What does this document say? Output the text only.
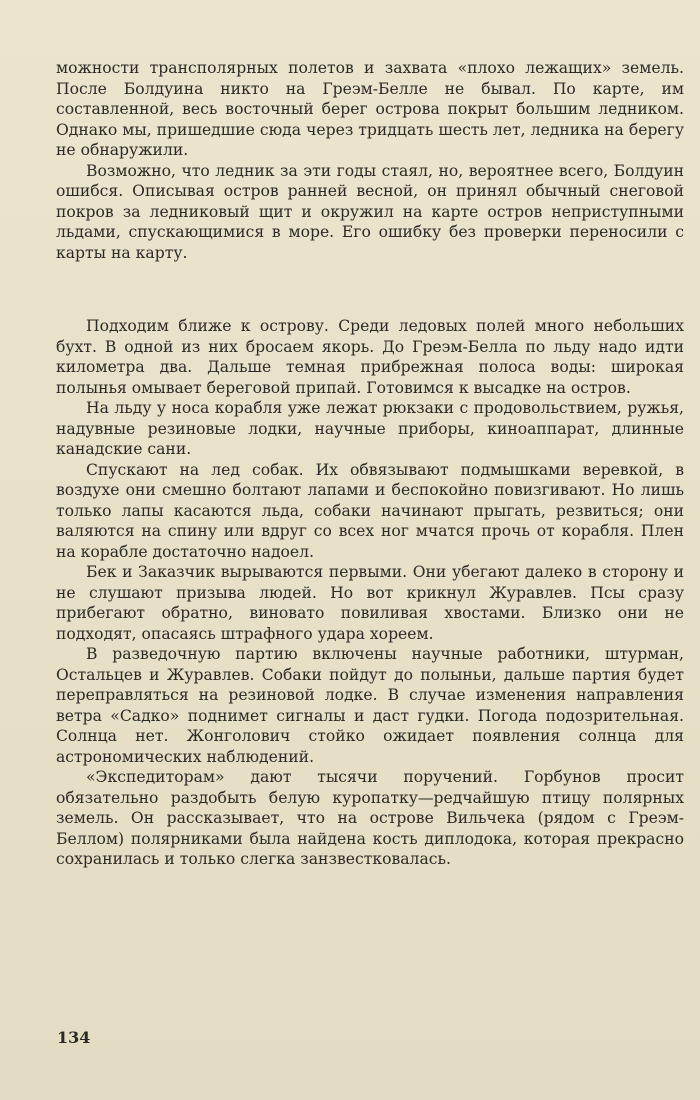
можности трансполярных полетов и захвата «плохо лежащих» земель. После Болдуина никто на Греэм-Белле не бывал. По карте, им составленной, весь восточный берег острова покрыт большим ледником. Однако мы, пришедшие сюда через тридцать шесть лет, ледника на берегу не обнаружили.

Возможно, что ледник за эти годы стаял, но, вероятнее всего, Болдуин ошибся. Описывая остров ранней весной, он принял обычный снеговой покров за ледниковый щит и окружил на карте остров неприступными льдами, спускающимися в море. Его ошибку без проверки переносили с карты на карту.

Подходим ближе к острову. Среди ледовых полей много небольших бухт. В одной из них бросаем якорь. До Греэм-Белла по льду надо идти километра два. Дальше темная прибрежная полоса воды: широкая полынья омывает береговой припай. Готовимся к высадке на остров.

На льду у носа корабля уже лежат рюкзаки с продовольствием, ружья, надувные резиновые лодки, научные приборы, киноаппарат, длинные канадские сани.

Спускают на лед собак. Их обвязывают подмышками веревкой, в воздухе они смешно болтают лапами и беспокойно повизгивают. Но лишь только лапы касаются льда, собаки начинают прыгать, резвиться; они валяются на спину или вдруг со всех ног мчатся прочь от корабля. Плен на корабле достаточно надоел.

Бек и Заказчик вырываются первыми. Они убегают далеко в сторону и не слушают призыва людей. Но вот крикнул Журавлев. Псы сразу прибегают обратно, виновато повиливая хвостами. Близко они не подходят, опасаясь штрафного удара хореем.

В разведочную партию включены научные работники, штурман, Остальцев и Журавлев. Собаки пойдут до полыньи, дальше партия будет переправляться на резиновой лодке. В случае изменения направления ветра «Садко» поднимет сигналы и даст гудки. Погода подозрительная. Солнца нет. Жонголович стойко ожидает появления солнца для астрономических наблюдений.

«Экспедиторам» дают тысячи поручений. Горбунов просит обязательно раздобыть белую куропатку—редчайшую птицу полярных земель. Он рассказывает, что на острове Вильчека (рядом с Греэм-Беллом) полярниками была найдена кость диплодока, которая прекрасно сохранилась и только слегка занзвестковалась.

134
